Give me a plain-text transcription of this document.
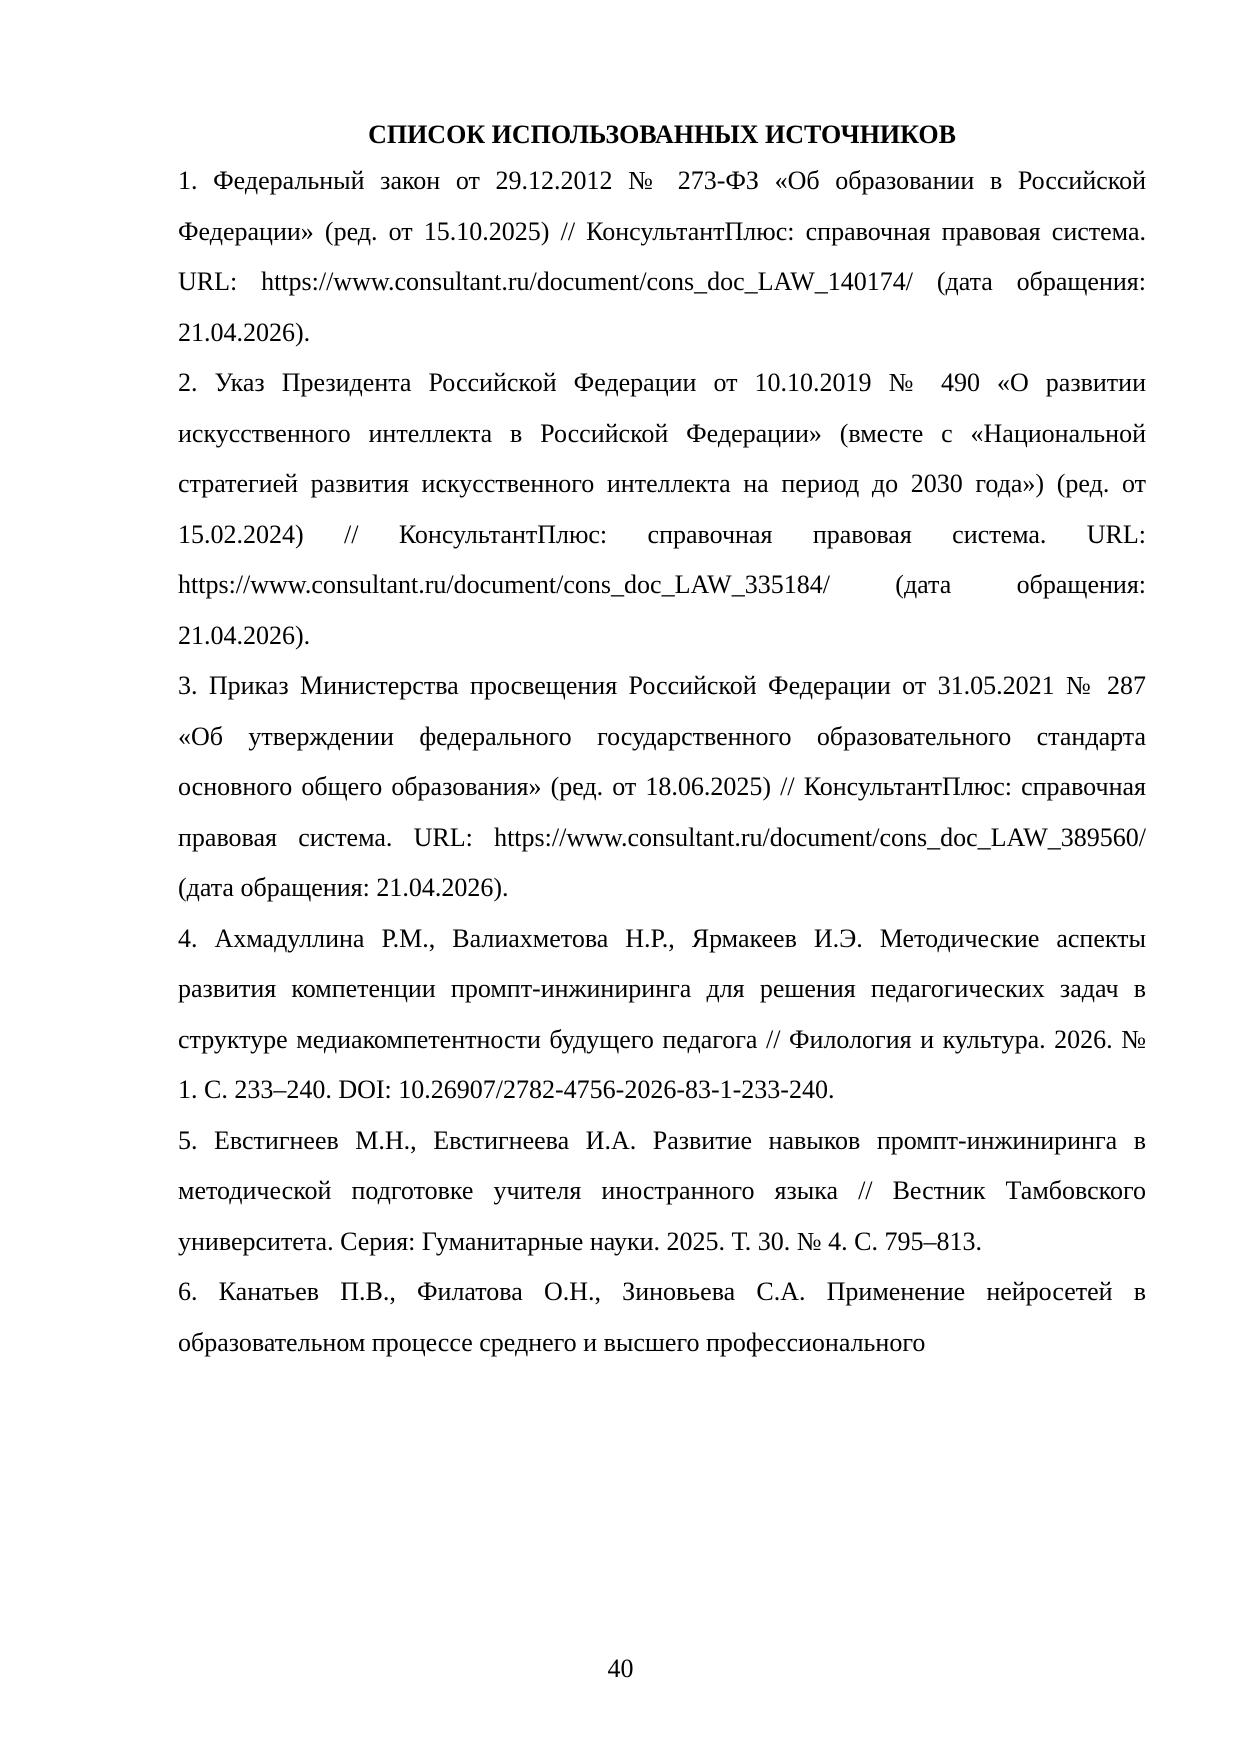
СПИСОК ИСПОЛЬЗОВАННЫХ ИСТОЧНИКОВ
1. Федеральный закон от 29.12.2012 № 273-ФЗ «Об образовании в Российской Федерации» (ред. от 15.10.2025) // КонсультантПлюс: справочная правовая система. URL: https://www.consultant.ru/document/cons_doc_LAW_140174/ (дата обращения: 21.04.2026).
2. Указ Президента Российской Федерации от 10.10.2019 № 490 «О развитии искусственного интеллекта в Российской Федерации» (вместе с «Национальной стратегией развития искусственного интеллекта на период до 2030 года») (ред. от 15.02.2024) // КонсультантПлюс: справочная правовая система. URL: https://www.consultant.ru/document/cons_doc_LAW_335184/ (дата обращения: 21.04.2026).
3. Приказ Министерства просвещения Российской Федерации от 31.05.2021 № 287 «Об утверждении федерального государственного образовательного стандарта основного общего образования» (ред. от 18.06.2025) // КонсультантПлюс: справочная правовая система. URL: https://www.consultant.ru/document/cons_doc_LAW_389560/ (дата обращения: 21.04.2026).
4. Ахмадуллина Р.М., Валиахметова Н.Р., Ярмакеев И.Э. Методические аспекты развития компетенции промпт-инжиниринга для решения педагогических задач в структуре медиакомпетентности будущего педагога // Филология и культура. 2026. № 1. С. 233–240. DOI: 10.26907/2782-4756-2026-83-1-233-240.
5. Евстигнеев М.Н., Евстигнеева И.А. Развитие навыков промпт-инжиниринга в методической подготовке учителя иностранного языка // Вестник Тамбовского университета. Серия: Гуманитарные науки. 2025. Т. 30. № 4. С. 795–813.
6. Канатьев П.В., Филатова О.Н., Зиновьева С.А. Применение нейросетей в образовательном процессе среднего и высшего профессионального
40
